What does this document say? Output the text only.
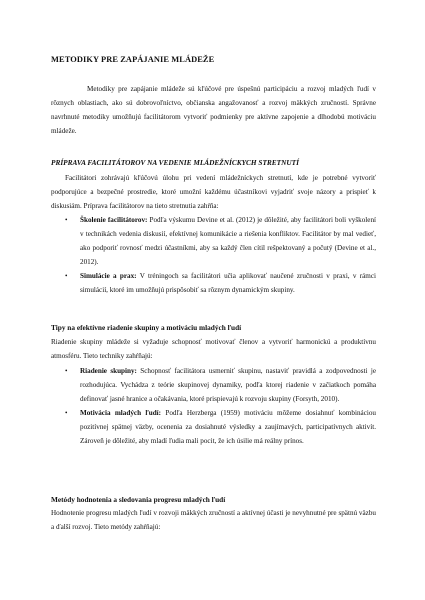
METODIKY PRE ZAPÁJANIE MLÁDEŽE

Metodiky pre zapájanie mládeže sú kľúčové pre úspešnú participáciu a rozvoj mladých ľudí v rôznych oblastiach, ako sú dobrovoľníctvo, občianska angažovanosť a rozvoj mäkkých zručností. Správne navrhnuté metodiky umožňujú facilitátorom vytvoriť podmienky pre aktívne zapojenie a dlhodobú motiváciu mládeže.

PRÍPRAVA FACILITÁTOROV NA VEDENIE MLÁDEŽNÍCKYCH STRETNUTÍ

Facilitátori zohrávajú kľúčovú úlohu pri vedení mládežníckych stretnutí, kde je potrebné vytvoriť podporujúce a bezpečné prostredie, ktoré umožní každému účastníkovi vyjadriť svoje názory a prispieť k diskusiám. Príprava facilitátorov na tieto stretnutia zahŕňa:

• Školenie facilitátorov: Podľa výskumu Devine et al. (2012) je dôležité, aby facilitátori boli vyškolení v technikách vedenia diskusií, efektívnej komunikácie a riešenia konfliktov. Facilitátor by mal vedieť, ako podporiť rovnosť medzi účastníkmi, aby sa každý člen cítil rešpektovaný a počutý (Devine et al., 2012).
• Simulácie a prax: V tréningoch sa facilitátori učia aplikovať naučené zručnosti v praxi, v rámci simulácií, ktoré im umožňujú prispôsobiť sa rôznym dynamickým skupiny.
Tipy na efektívne riadenie skupiny a motiváciu mladých ľudí

Riadenie skupiny mládeže si vyžaduje schopnosť motivovať členov a vytvoriť harmonickú a produktívnu atmosféru. Tieto techniky zahŕňajú:

• Riadenie skupiny: Schopnosť facilitátora usmerniť skupinu, nastaviť pravidlá a zodpovednosti je rozhodujúca. Vychádza z teórie skupinovej dynamiky, podľa ktorej riadenie v začiatkoch pomáha definovať jasné hranice a očakávania, ktoré prispievajú k rozvoju skupiny (Forsyth, 2010).
• Motivácia mladých ľudí: Podľa Herzberga (1959) motiváciu môžeme dosiahnuť kombináciou pozitívnej spätnej väzby, ocenenia za dosiahnuté výsledky a zaujímavých, participatívnych aktivít. Zároveň je dôležité, aby mladí ľudia mali pocit, že ich úsilie má reálny prínos.
Metódy hodnotenia a sledovania progresu mladých ľudí

Hodnotenie progresu mladých ľudí v rozvoji mäkkých zručností a aktívnej účasti je nevyhnutné pre spätnú väzbu a ďalší rozvoj. Tieto metódy zahŕňajú:
